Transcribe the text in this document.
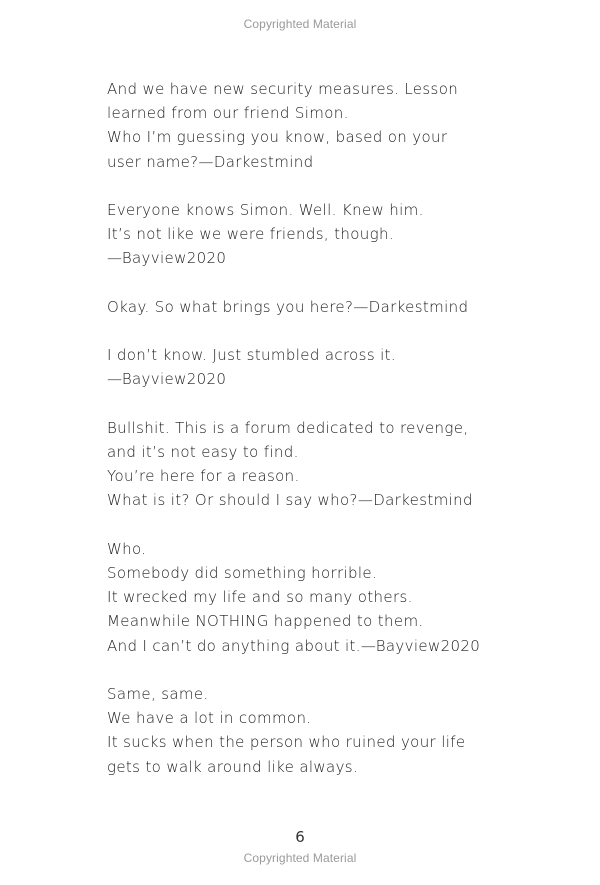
Copyrighted Material
And we have new security measures. Lesson
learned from our friend Simon.
Who I’m guessing you know, based on your
user name?—Darkestmind
Everyone knows Simon. Well. Knew him.
It’s not like we were friends, though.
—Bayview2020
Okay. So what brings you here?—Darkestmind
I don’t know. Just stumbled across it.
—Bayview2020
Bullshit. This is a forum dedicated to revenge,
and it’s not easy to find.
You’re here for a reason.
What is it? Or should I say who?—Darkestmind
Who.
Somebody did something horrible.
It wrecked my life and so many others.
Meanwhile NOTHING happened to them.
And I can’t do anything about it.—Bayview2020
Same, same.
We have a lot in common.
It sucks when the person who ruined your life
gets to walk around like always.
6
Copyrighted Material
